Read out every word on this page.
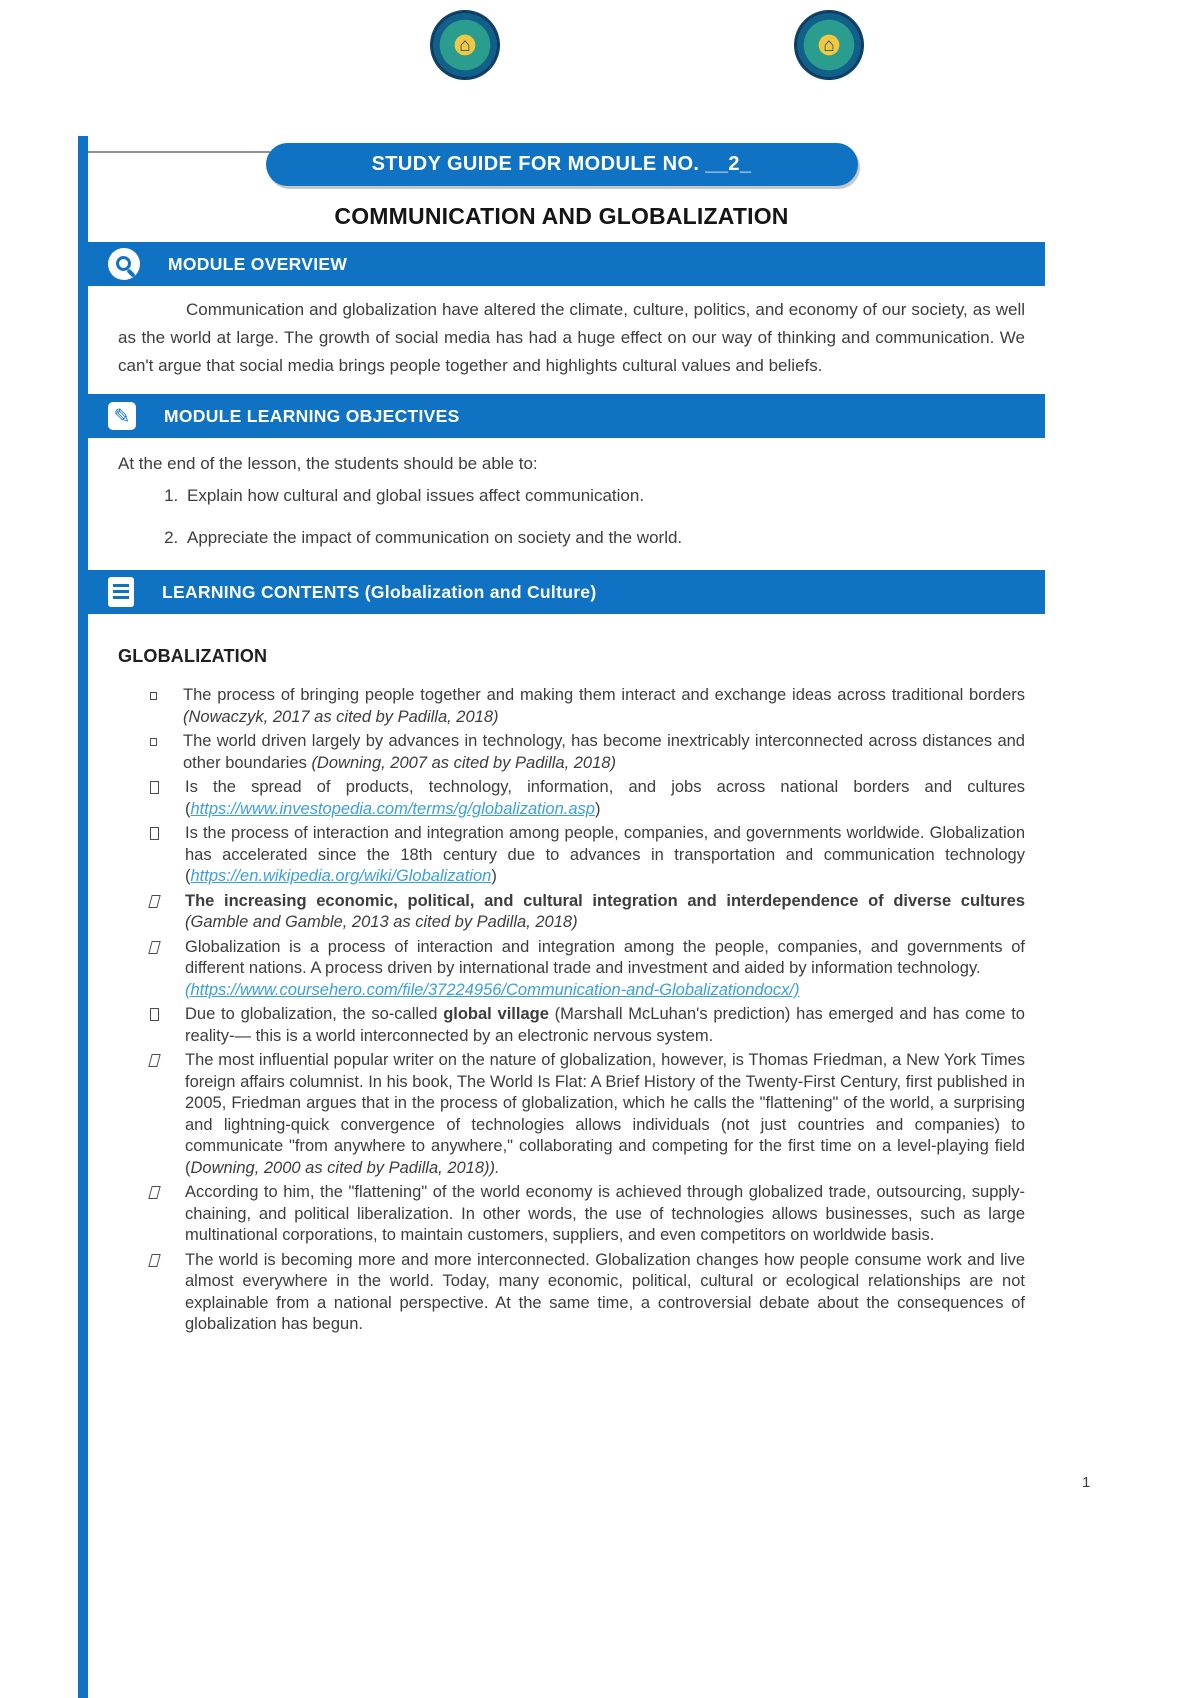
⌂	⌂
STUDY GUIDE FOR MODULE NO. __2_
COMMUNICATION AND GLOBALIZATION
MODULE OVERVIEW

Communication and globalization have altered the climate, culture, politics, and economy of our society, as well as the world at large. The growth of social media has had a huge effect on our way of thinking and communication. We can't argue that social media brings people together and highlights cultural values and beliefs.

✎	MODULE LEARNING OBJECTIVES

At the end of the lesson, the students should be able to:

1. Explain how cultural and global issues affect communication.
2. Appreciate the impact of communication on society and the world.
LEARNING CONTENTS (Globalization and Culture)
GLOBALIZATION
The process of bringing people together and making them interact and exchange ideas across traditional borders (Nowaczyk, 2017 as cited by Padilla, 2018)
The world driven largely by advances in technology, has become inextricably interconnected across distances and other boundaries (Downing, 2007 as cited by Padilla, 2018)
Is the spread of products, technology, information, and jobs across national borders and cultures (https://www.investopedia.com/terms/g/globalization.asp)
Is the process of interaction and integration among people, companies, and governments worldwide. Globalization has accelerated since the 18th century due to advances in transportation and communication technology (https://en.wikipedia.org/wiki/Globalization)
The increasing economic, political, and cultural integration and interdependence of diverse cultures (Gamble and Gamble, 2013 as cited by Padilla, 2018)
Globalization is a process of interaction and integration among the people, companies, and governments of different nations. A process driven by international trade and investment and aided by information technology.
(https://www.coursehero.com/file/37224956/Communication-and-Globalizationdocx/)
Due to globalization, the so-called global village (Marshall McLuhan's prediction) has emerged and has come to reality-— this is a world interconnected by an electronic nervous system.
The most influential popular writer on the nature of globalization, however, is Thomas Friedman, a New York Times foreign affairs columnist. In his book, The World Is Flat: A Brief History of the Twenty-First Century, first published in 2005, Friedman argues that in the process of globalization, which he calls the "flattening" of the world, a surprising and lightning-quick convergence of technologies allows individuals (not just countries and companies) to communicate "from anywhere to anywhere," collaborating and competing for the first time on a level-playing field (Downing, 2000 as cited by Padilla, 2018)).
According to him, the "flattening" of the world economy is achieved through globalized trade, outsourcing, supply-chaining, and political liberalization. In other words, the use of technologies allows businesses, such as large multinational corporations, to maintain customers, suppliers, and even competitors on worldwide basis.
The world is becoming more and more interconnected. Globalization changes how people consume work and live almost everywhere in the world. Today, many economic, political, cultural or ecological relationships are not explainable from a national perspective. At the same time, a controversial debate about the consequences of globalization has begun.
1
